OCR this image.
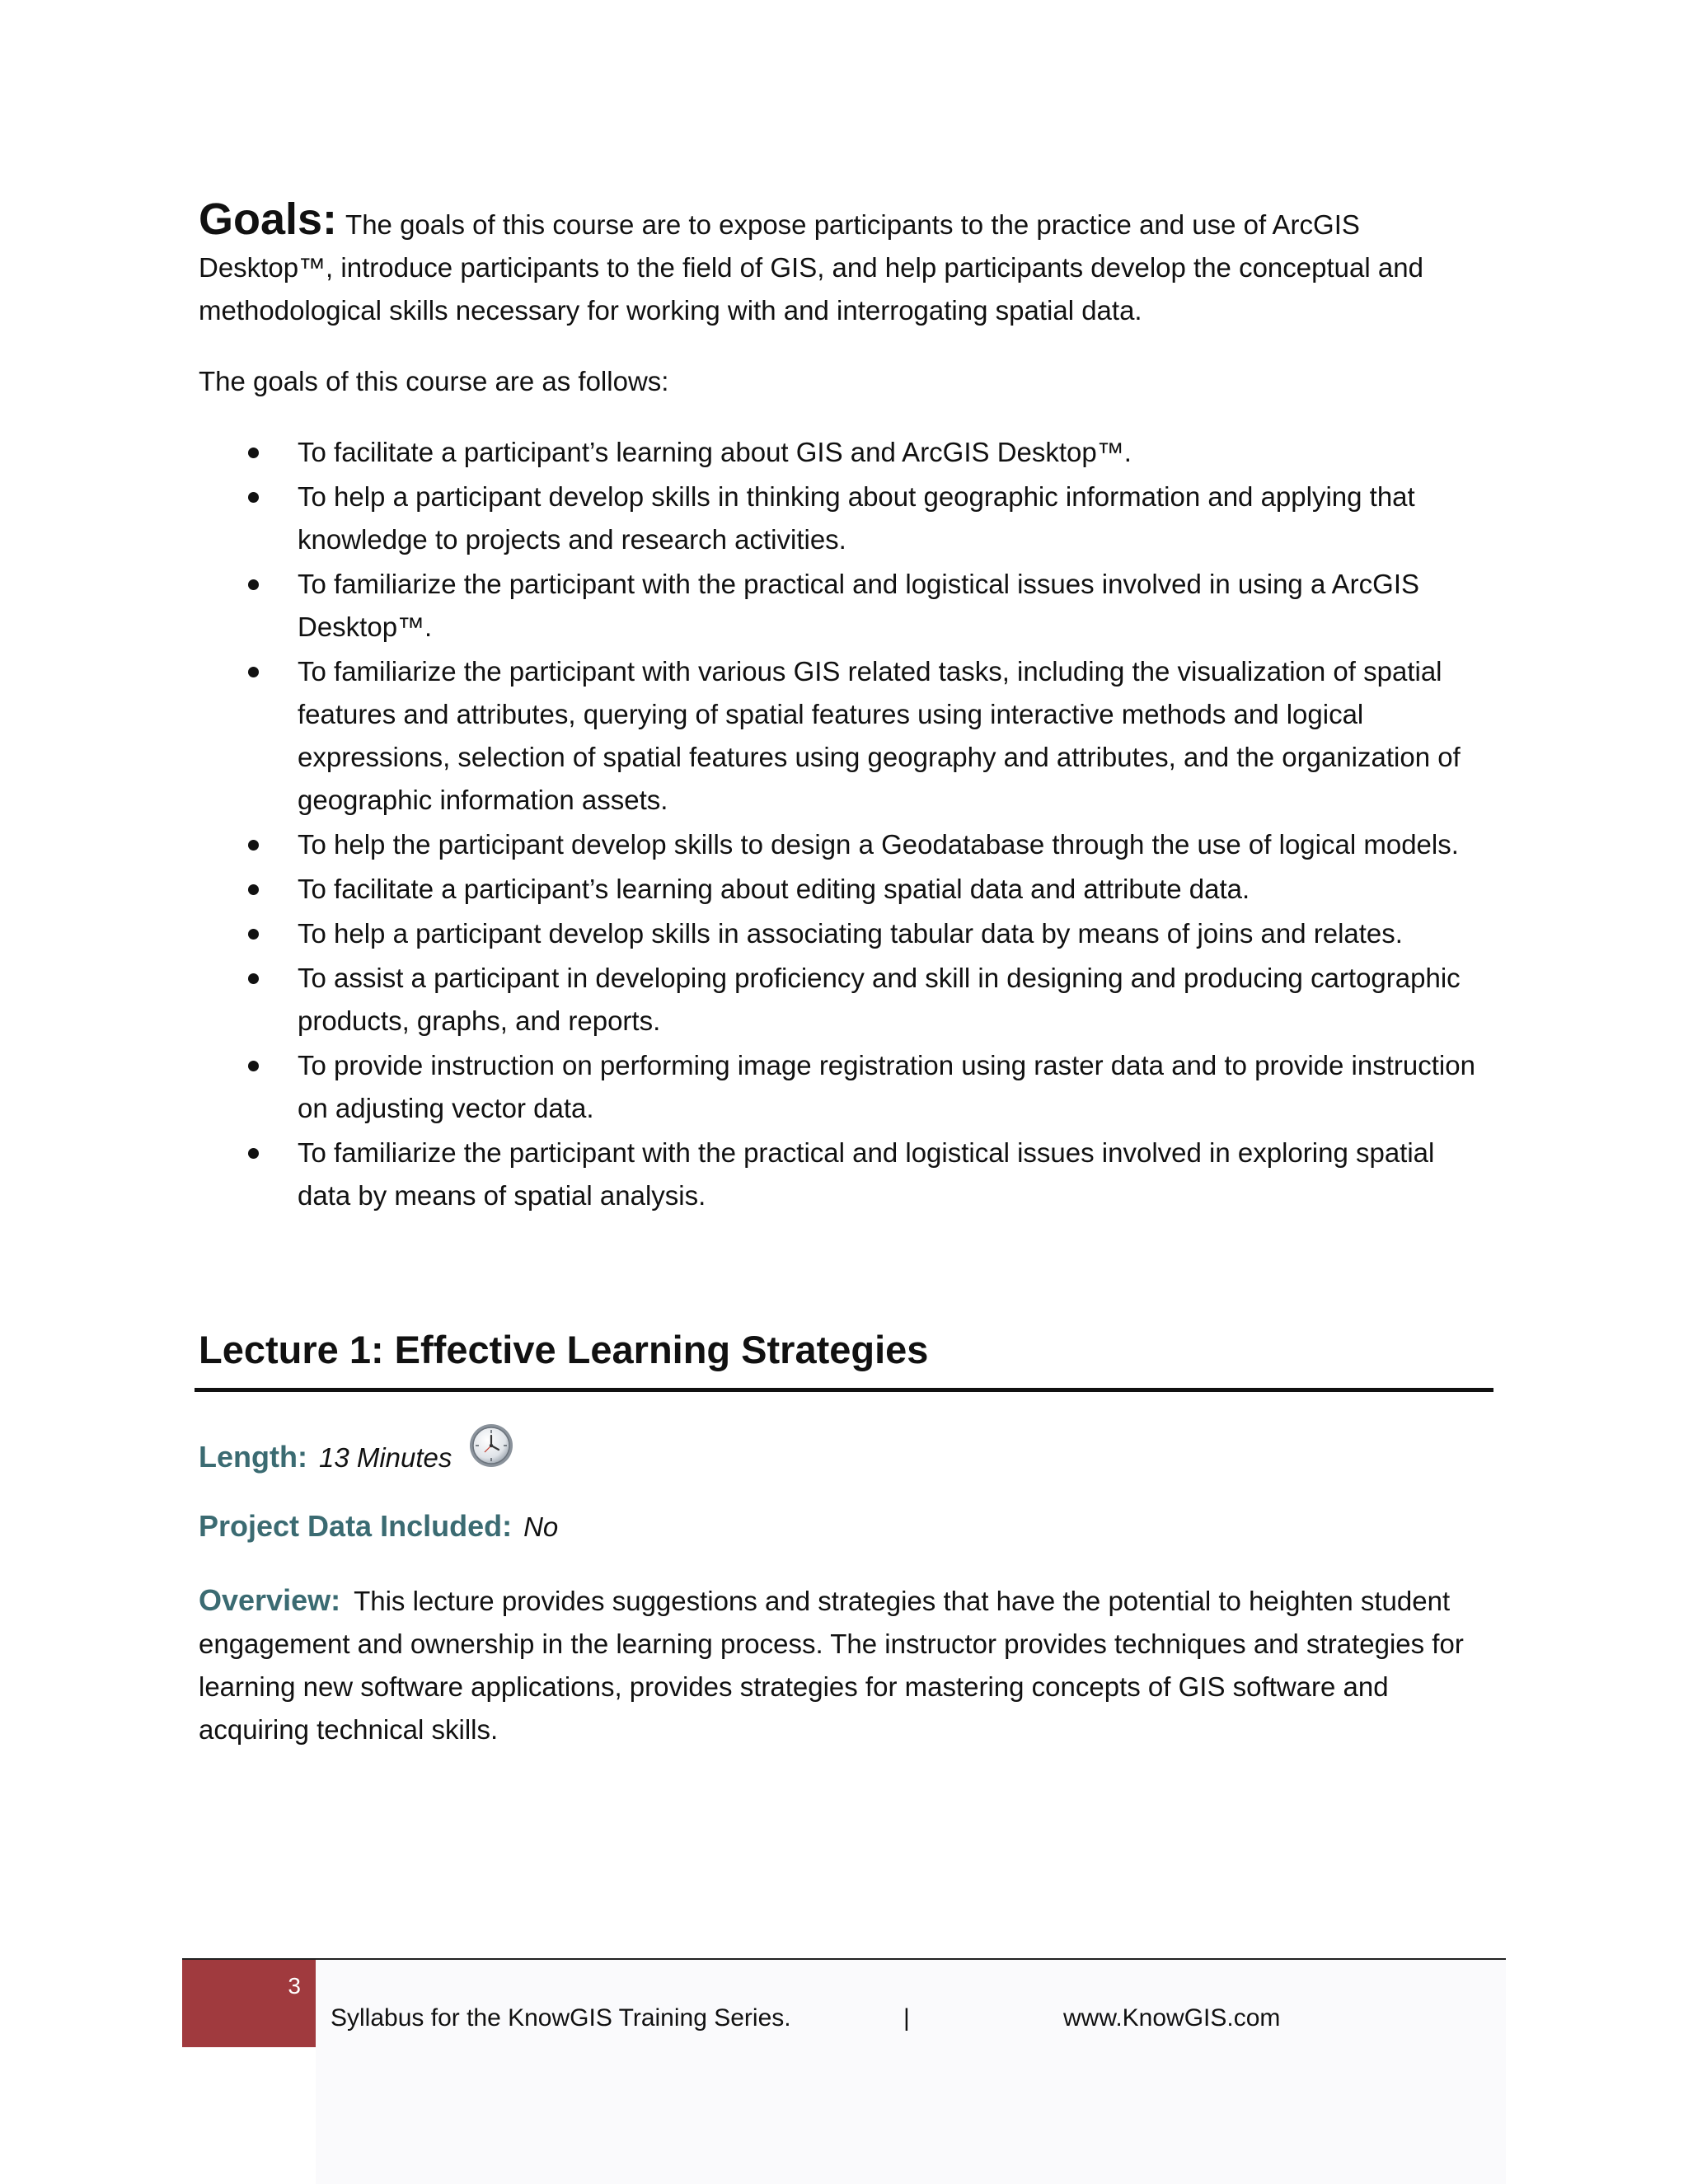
Goals: The goals of this course are to expose participants to the practice and use of ArcGIS Desktop™, introduce participants to the field of GIS, and help participants develop the conceptual and methodological skills necessary for working with and interrogating spatial data.

The goals of this course are as follows:

To facilitate a participant’s learning about GIS and ArcGIS Desktop™.
To help a participant develop skills in thinking about geographic information and applying that knowledge to projects and research activities.
To familiarize the participant with the practical and logistical issues involved in using a ArcGIS Desktop™.
To familiarize the participant with various GIS related tasks, including the visualization of spatial features and attributes, querying of spatial features using interactive methods and logical expressions, selection of spatial features using geography and attributes, and the organization of geographic information assets.
To help the participant develop skills to design a Geodatabase through the use of logical models.
To facilitate a participant’s learning about editing spatial data and attribute data.
To help a participant develop skills in associating tabular data by means of joins and relates.
To assist a participant in developing proficiency and skill in designing and producing cartographic products, graphs, and reports.
To provide instruction on performing image registration using raster data and to provide instruction on adjusting vector data.
To familiarize the participant with the practical and logistical issues involved in exploring spatial data by means of spatial analysis.
Lecture 1: Effective Learning Strategies
Length: 13 Minutes
Project Data Included: No

Overview: This lecture provides suggestions and strategies that have the potential to heighten student engagement and ownership in the learning process. The instructor provides techniques and strategies for learning new software applications, provides strategies for mastering concepts of GIS software and acquiring technical skills.

3
Syllabus for the KnowGIS Training Series.	|	www.KnowGIS.com
